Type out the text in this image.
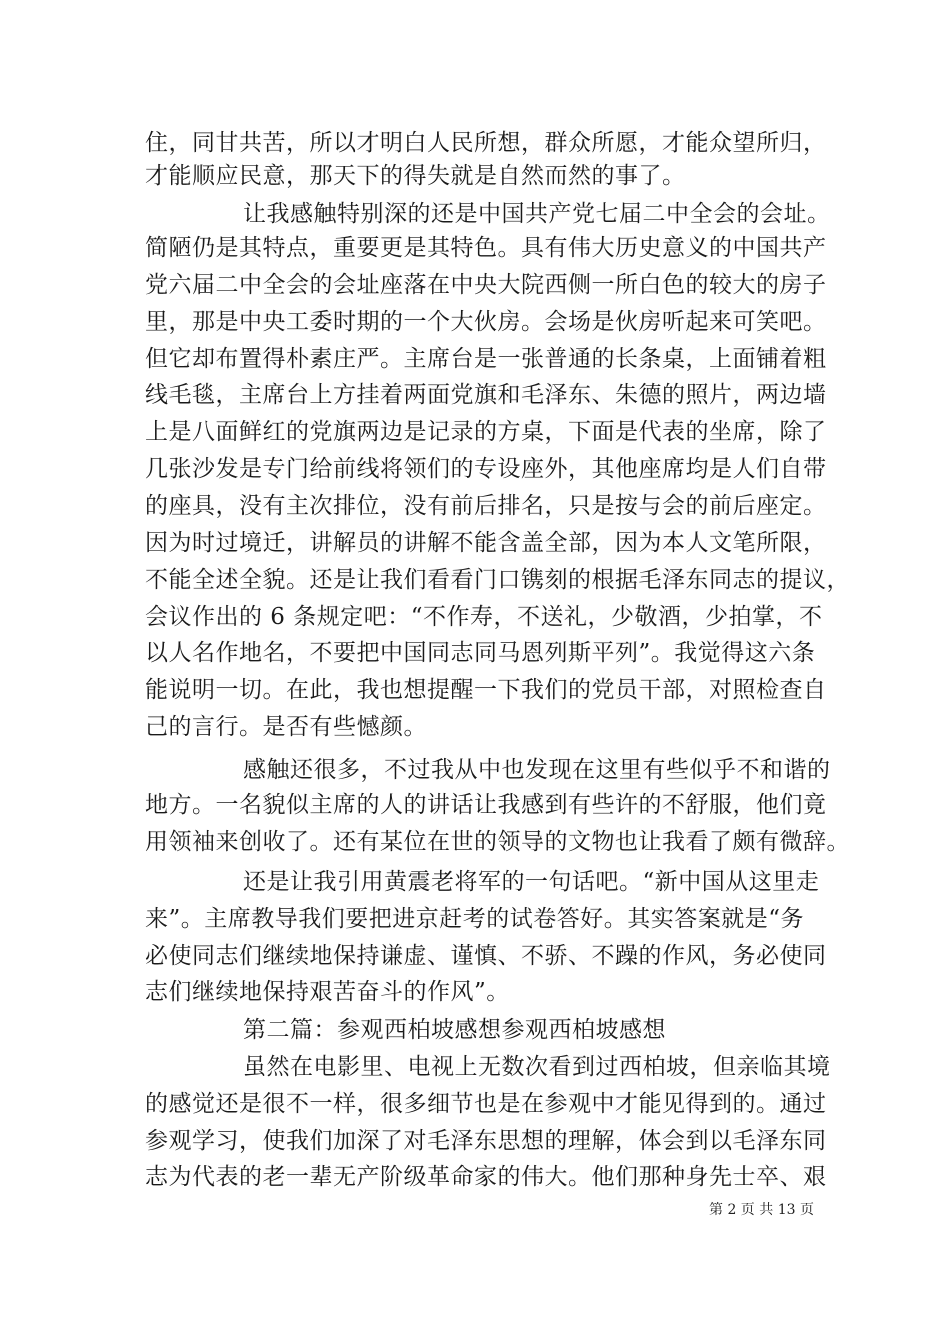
住，同甘共苦，所以才明白人民所想，群众所愿，才能众望所归，
才能顺应民意，那天下的得失就是自然而然的事了。
让我感触特别深的还是中国共产党七届二中全会的会址。
简陋仍是其特点，重要更是其特色。具有伟大历史意义的中国共产
党六届二中全会的会址座落在中央大院西侧一所白色的较大的房子
里，那是中央工委时期的一个大伙房。会场是伙房听起来可笑吧。
但它却布置得朴素庄严。主席台是一张普通的长条桌，上面铺着粗
线毛毯，主席台上方挂着两面党旗和毛泽东、朱德的照片，两边墙
上是八面鲜红的党旗两边是记录的方桌，下面是代表的坐席，除了
几张沙发是专门给前线将领们的专设座外，其他座席均是人们自带
的座具，没有主次排位，没有前后排名，只是按与会的前后座定。
因为时过境迁，讲解员的讲解不能含盖全部，因为本人文笔所限，
不能全述全貌。还是让我们看看门口镌刻的根据毛泽东同志的提议，
会议作出的 6 条规定吧：“不作寿，不送礼，少敬酒，少拍掌，不
以人名作地名，不要把中国同志同马恩列斯平列”。我觉得这六条
能说明一切。在此，我也想提醒一下我们的党员干部，对照检查自
己的言行。是否有些憾颜。
感触还很多，不过我从中也发现在这里有些似乎不和谐的
地方。一名貌似主席的人的讲话让我感到有些许的不舒服，他们竟
用领袖来创收了。还有某位在世的领导的文物也让我看了颇有微辞。
还是让我引用黄震老将军的一句话吧。“新中国从这里走
来”。主席教导我们要把进京赶考的试卷答好。其实答案就是“务
必使同志们继续地保持谦虚、谨慎、不骄、不躁的作风，务必使同
志们继续地保持艰苦奋斗的作风”。
第二篇：参观西柏坡感想参观西柏坡感想
虽然在电影里、电视上无数次看到过西柏坡，但亲临其境
的感觉还是很不一样，很多细节也是在参观中才能见得到的。通过
参观学习，使我们加深了对毛泽东思想的理解，体会到以毛泽东同
志为代表的老一辈无产阶级革命家的伟大。他们那种身先士卒、艰
第 2 页 共 13 页
